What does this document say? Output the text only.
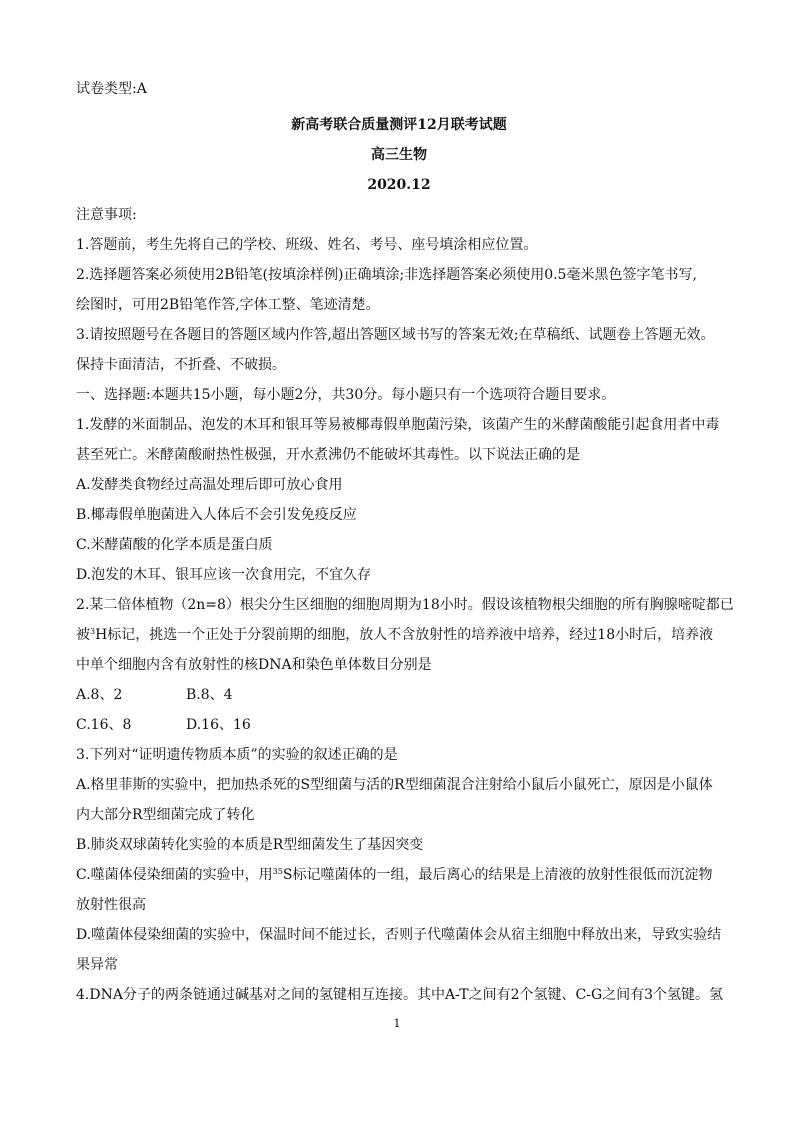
试卷类型:A
新高考联合质量测评12月联考试题
高三生物
2020.12
注意事项:
1.答题前，考生先将自己的学校、班级、姓名、考号、座号填涂相应位置。
2.选择题答案必须使用2B铅笔(按填涂样例)正确填涂;非选择题答案必须使用0.5毫米黑色签字笔书写,
绘图时，可用2B铅笔作答,字体工整、笔迹清楚。
3.请按照题号在各题目的答题区域内作答,超出答题区域书写的答案无效;在草稿纸、试题卷上答题无效。
保持卡面清洁，不折叠、不破损。
一、选择题:本题共15小题，每小题2分，共30分。每小题只有一个选项符合题目要求。
1.发酵的米面制品、泡发的木耳和银耳等易被椰毒假单胞菌污染，该菌产生的米酵菌酸能引起食用者中毒
甚至死亡。米酵菌酸耐热性极强，开水煮沸仍不能破坏其毒性。以下说法正确的是
A.发酵类食物经过高温处理后即可放心食用
B.椰毒假单胞菌进入人体后不会引发免疫反应
C.米酵菌酸的化学本质是蛋白质
D.泡发的木耳、银耳应该一次食用完，不宜久存
2.某二倍体植物（2n=8）根尖分生区细胞的细胞周期为18小时。假设该植物根尖细胞的所有胸腺嘧啶都已
被$^3$H标记，挑选一个正处于分裂前期的细胞，放人不含放射性的培养液中培养，经过18小时后，培养液
中单个细胞内含有放射性的核DNA和染色单体数目分别是
A.8、2	B.8、4
C.16、8	D.16、16
3.下列对“证明遗传物质本质”的实验的叙述正确的是
A.格里菲斯的实验中，把加热杀死的S型细菌与活的R型细菌混合注射给小鼠后小鼠死亡，原因是小鼠体
内大部分R型细菌完成了转化
B.肺炎双球菌转化实验的本质是R型细菌发生了基因突变
C.噬菌体侵染细菌的实验中，用$^{35}$S标记噬菌体的一组，最后离心的结果是上清液的放射性很低而沉淀物
放射性很高
D.噬菌体侵染细菌的实验中，保温时间不能过长，否则子代噬菌体会从宿主细胞中释放出来，导致实验结
果异常
4.DNA分子的两条链通过碱基对之间的氢键相互连接。其中A-T之间有2个氢键、C-G之间有3个氢键。氢
1
